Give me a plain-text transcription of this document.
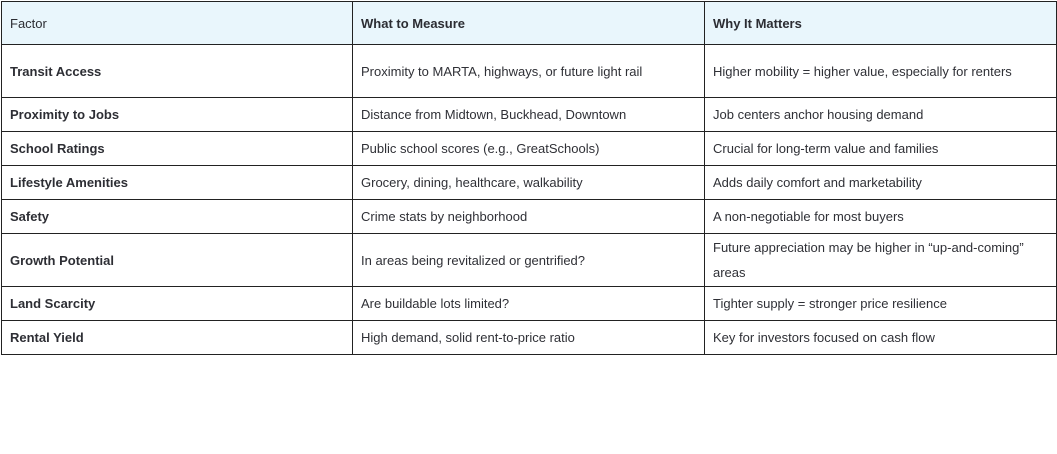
Factor	What to Measure	Why It Matters
Transit Access	Proximity to MARTA, highways, or future light rail	Higher mobility = higher value, especially for renters
Proximity to Jobs	Distance from Midtown, Buckhead, Downtown	Job centers anchor housing demand
School Ratings	Public school scores (e.g., GreatSchools)	Crucial for long-term value and families
Lifestyle Amenities	Grocery, dining, healthcare, walkability	Adds daily comfort and marketability
Safety	Crime stats by neighborhood	A non-negotiable for most buyers
Growth Potential	In areas being revitalized or gentrified?	Future appreciation may be higher in “up-and-coming” areas
Land Scarcity	Are buildable lots limited?	Tighter supply = stronger price resilience
Rental Yield	High demand, solid rent-to-price ratio	Key for investors focused on cash flow
